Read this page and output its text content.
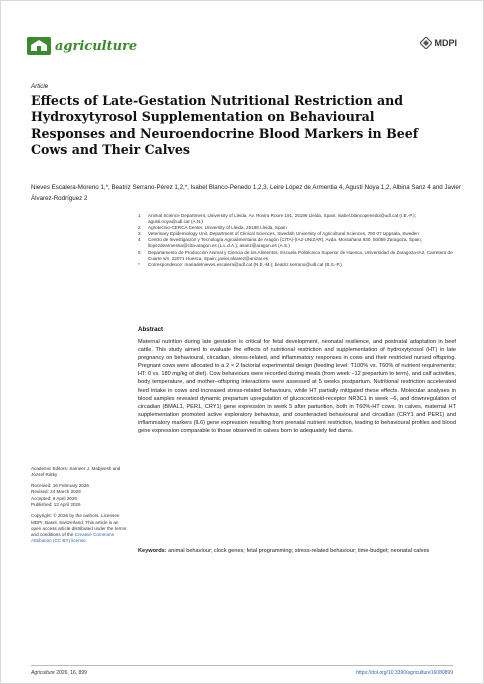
agriculture	MDPI
Article
Effects of Late-Gestation Nutritional Restriction and Hydroxytyrosol Supplementation on Behavioural Responses and Neuroendocrine Blood Markers in Beef Cows and Their Calves
Nieves Escalera-Moreno 1,*, Beatriz Serrano-Pérez 1,2,*, Isabel Blanco-Penedo 1,2,3, Leire López de Armentia 4, Agustí Noya 1,2, Albina Sanz 4 and Javier Álvarez-Rodríguez 2
1	Animal Science Department, University of Lleida, Av. Rovira Roure 191, 25198 Lleida, Spain; isabel.blancopenedo@udl.cat (I.B.-P.); agusti.noya@udl.cat (A.N.)
2	Agrotecnio-CERCA Center, University of Lleida, 25198 Lleida, Spain
3	Veterinary Epidemiology Unit, Department of Clinical Sciences, Swedish University of Agricultural Sciences, 750 07 Uppsala, Sweden
4	Centro de Investigación y Tecnología Agroalimentaria de Aragón (CITA)-(IA2-UNIZAR), Avda. Montañana 930, 50059 Zaragoza, Spain; llopezdearmentia@cita-aragon.es (L.L.d.A.); asanz@aragon.es (A.S.)
5	Departamento de Producción Animal y Ciencia de los Alimentos, Escuela Politécnica Superior de Huesca, Universidad de Zaragoza-IA2, Carretera de Cuarte s/n, 22071 Huesca, Spain; javier.alvarez@unizar.es
*	Correspondence: mariadelnieves.escalera@udl.cat (N.E.-M.); beatriz.serrano@udl.cat (B.S.-P.)
Abstract

Maternal nutrition during late gestation is critical for fetal development, neonatal resilience, and postnatal adaptation in beef cattle. This study aimed to evaluate the effects of nutritional restriction and supplementation of hydroxytyrosol (HT) in late pregnancy on behavioural, circadian, stress-related, and inflammatory responses in cows and their restricted nursed offspring. Pregnant cows were allocated to a 2 × 2 factorial experimental design (feeding level: T100% vs. T60% of nutrient requirements; HT: 0 vs. 180 mg/kg of diet). Cow behaviours were recorded during meals (from week −12 prepartum to term), and calf activities, body temperature, and mother–offspring interactions were assessed at 5 weeks postpartum. Nutritional restriction accelerated feed intake in cows and increased stress-related behaviours, while HT partially mitigated these effects. Molecular analyses in blood samples revealed dynamic prepartum upregulation of glucocorticoid-receptor NR3C1 in week −6, and downregulation of circadian (BMAL1, PER1, CRY1) gene expression in week 5 after parturition, both in T60%-HT cows. In calves, maternal HT supplementation promoted active exploratory behaviour, and counteracted behavioural and circadian (CRY1 and PER1) and inflammatory markers (IL6) gene expression resulting from prenatal nutrient restriction, leading to behavioural profiles and blood gene expression comparable to those observed in calves born to adequately fed dams.

Keywords: animal behaviour; clock genes; fetal programming; stress-related behaviour; time-budget; neonatal calves

Academic Editors: Sameer J. Mabjeesh and József Rátky

Received: 16 February 2026
Revised: 24 March 2026
Accepted: 9 April 2026
Published: 12 April 2026

Copyright: © 2026 by the authors. Licensee MDPI, Basel, Switzerland. This article is an open access article distributed under the terms and conditions of the Creative Commons Attribution (CC BY) license.

Agriculture 2026, 16, 899	https://doi.org/10.3390/agriculture16080899
